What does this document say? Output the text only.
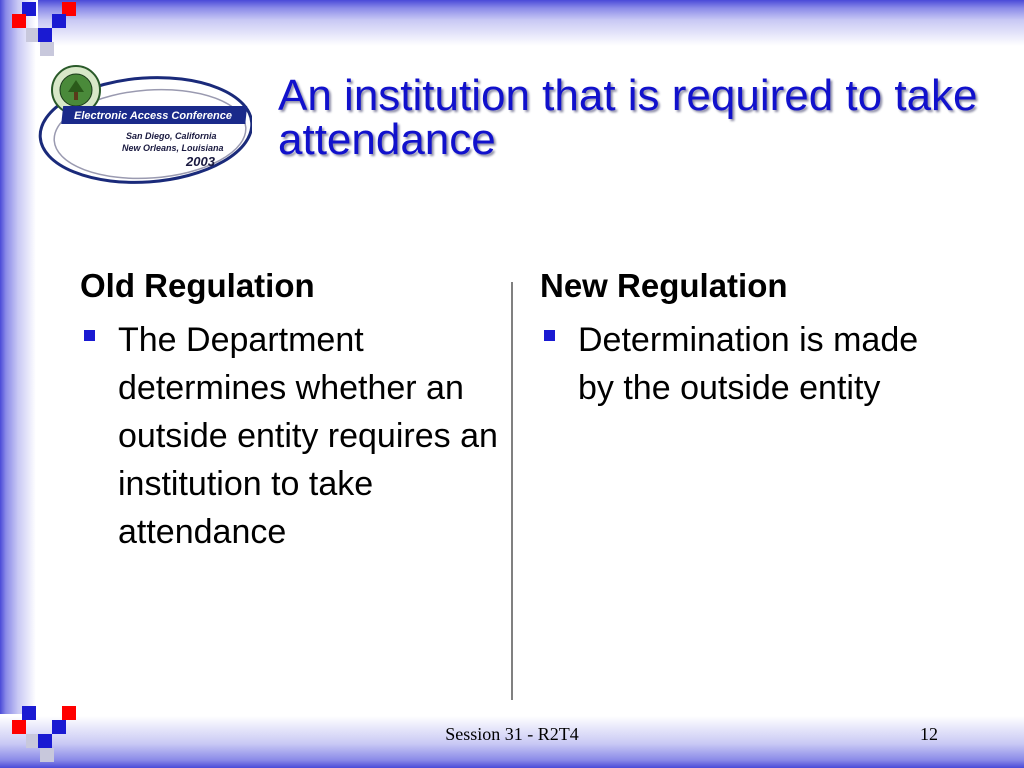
Electronic Access Conference
San Diego, California
New Orleans, Louisiana
2003
An institution that is required to take attendance
Old Regulation
The Department determines whether an outside entity requires an institution to take attendance
New Regulation
Determination is made by the outside entity
Session 31 - R2T4	12
